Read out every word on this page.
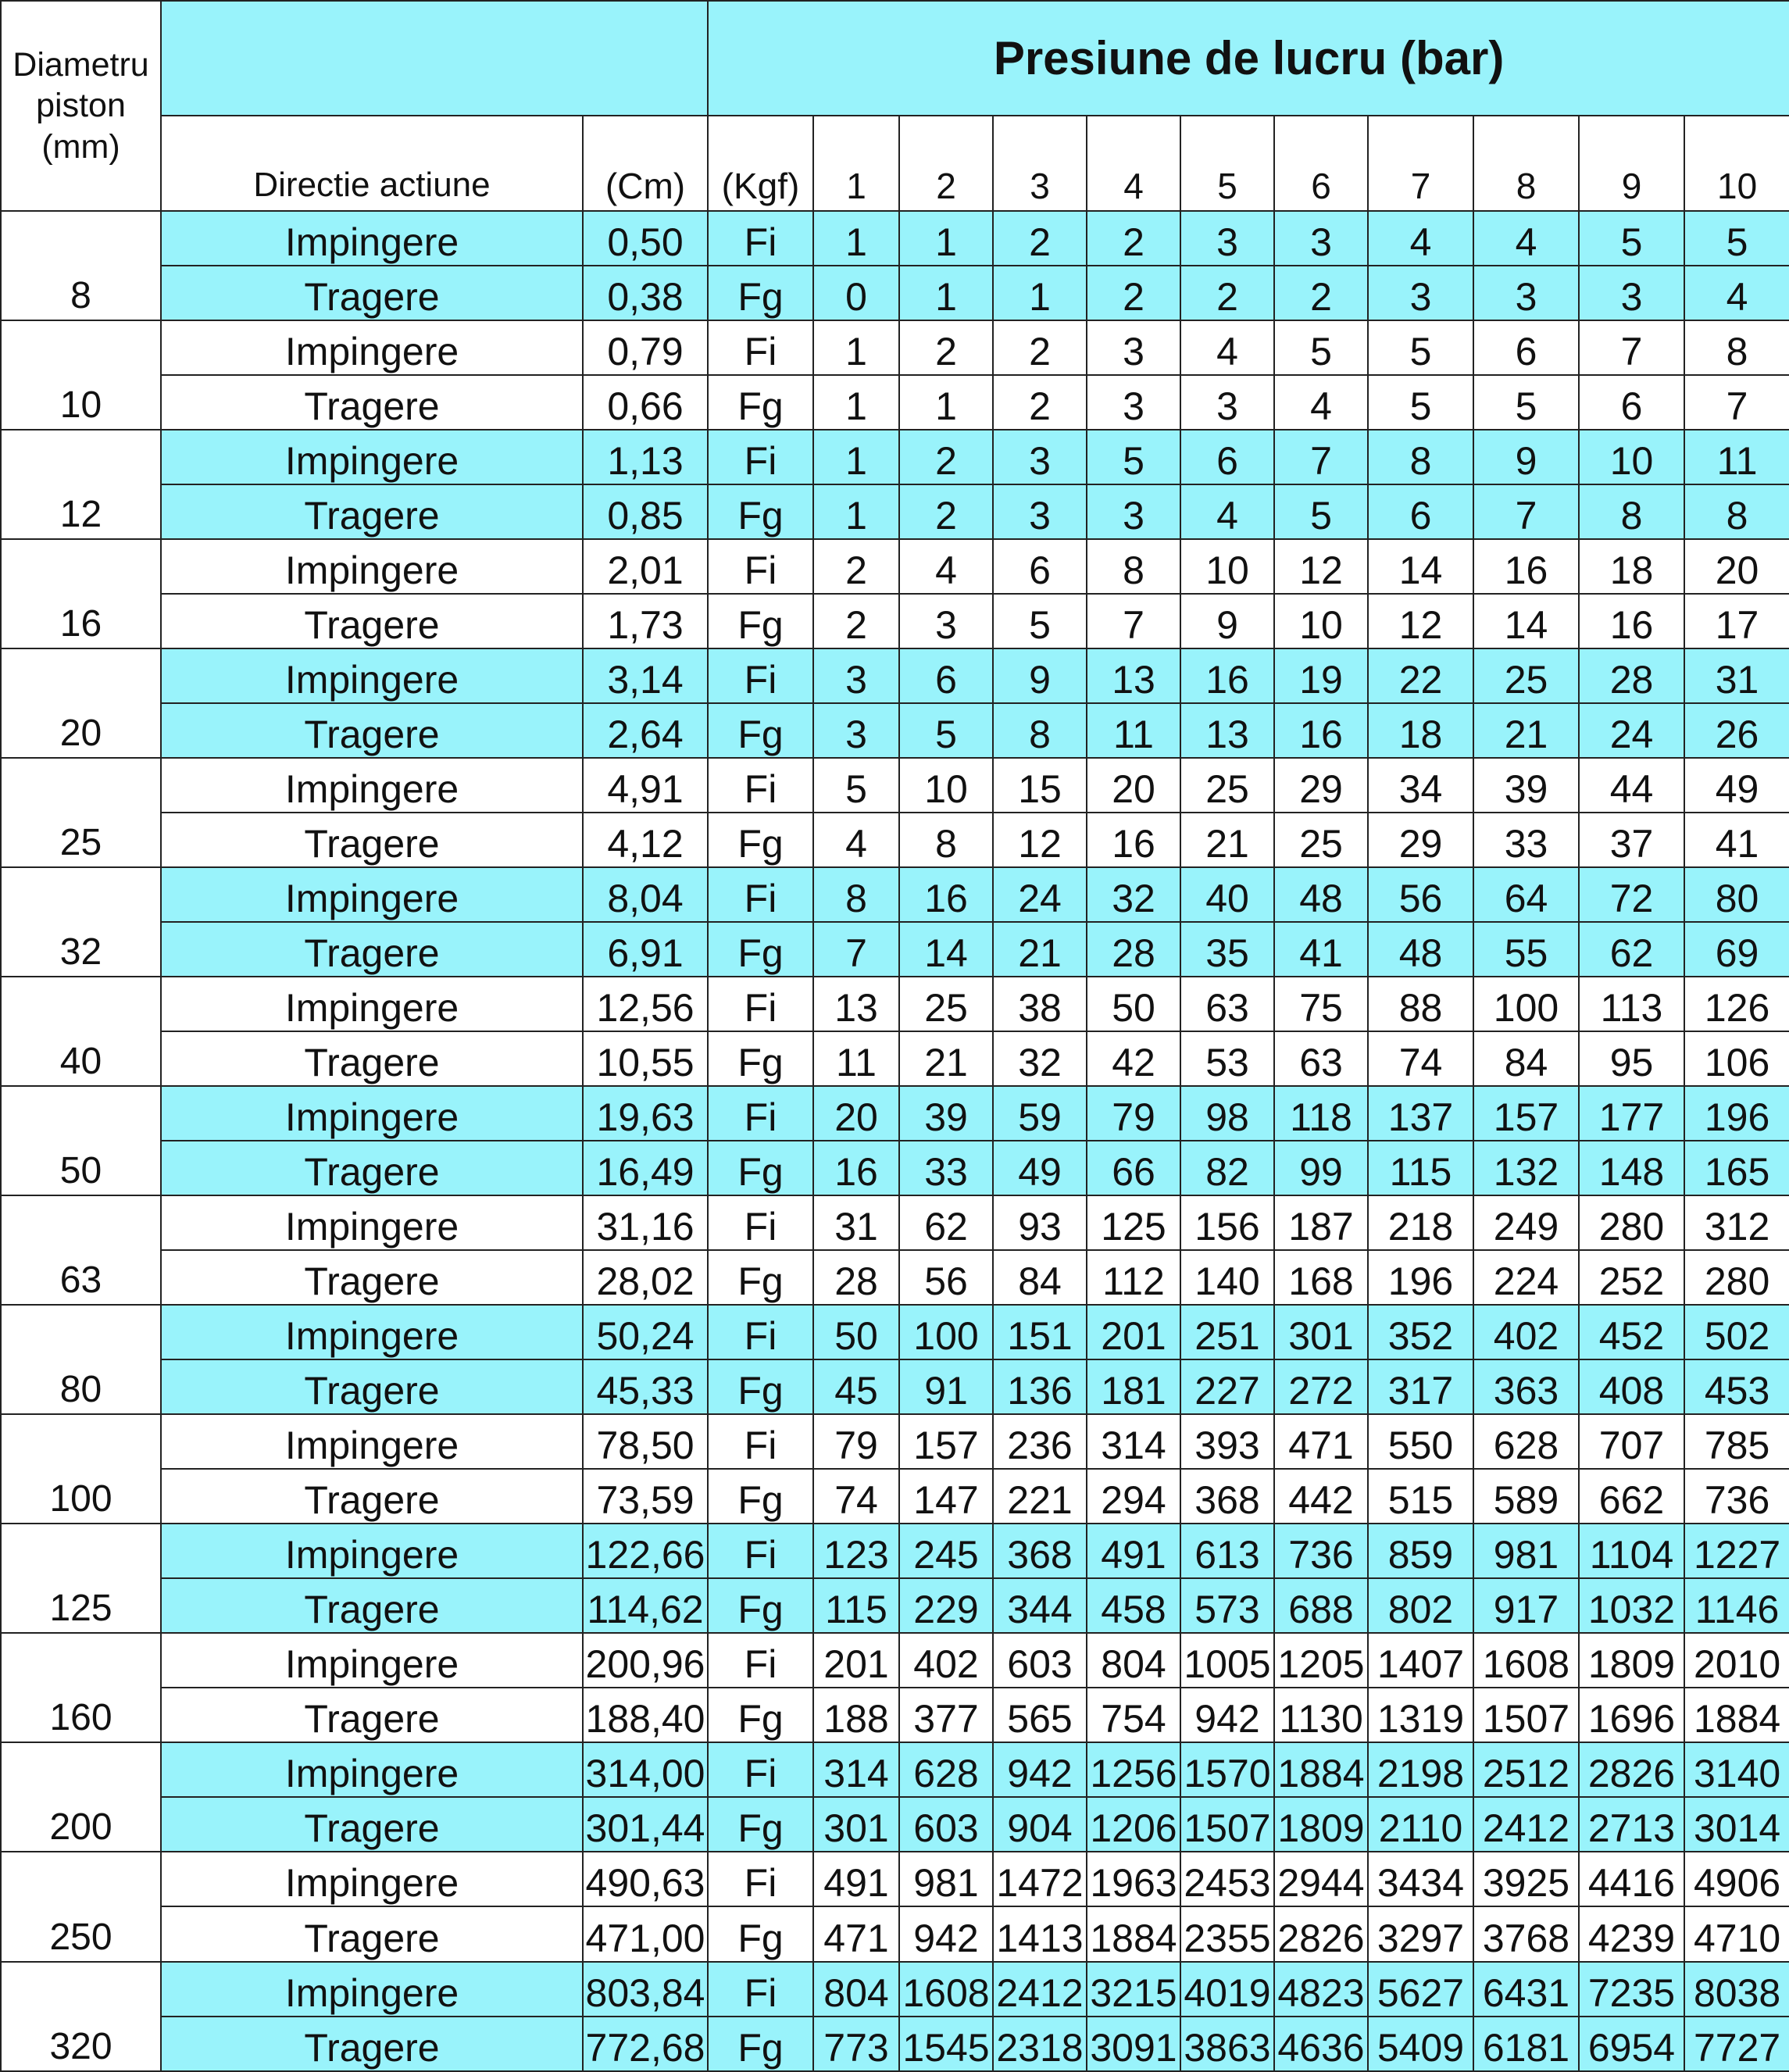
Diametru piston (mm)			Presiune de lucru (bar)										
	Directie actiune	(Cm)	(Kgf)	1	2	3	4	5	6	7	8	9	10
8	Impingere	0,50	Fi	1	1	2	2	3	3	4	4	5	5
	Tragere	0,38	Fg	0	1	1	2	2	2	3	3	3	4
10	Impingere	0,79	Fi	1	2	2	3	4	5	5	6	7	8
	Tragere	0,66	Fg	1	1	2	3	3	4	5	5	6	7
12	Impingere	1,13	Fi	1	2	3	5	6	7	8	9	10	11
	Tragere	0,85	Fg	1	2	3	3	4	5	6	7	8	8
16	Impingere	2,01	Fi	2	4	6	8	10	12	14	16	18	20
	Tragere	1,73	Fg	2	3	5	7	9	10	12	14	16	17
20	Impingere	3,14	Fi	3	6	9	13	16	19	22	25	28	31
	Tragere	2,64	Fg	3	5	8	11	13	16	18	21	24	26
25	Impingere	4,91	Fi	5	10	15	20	25	29	34	39	44	49
	Tragere	4,12	Fg	4	8	12	16	21	25	29	33	37	41
32	Impingere	8,04	Fi	8	16	24	32	40	48	56	64	72	80
	Tragere	6,91	Fg	7	14	21	28	35	41	48	55	62	69
40	Impingere	12,56	Fi	13	25	38	50	63	75	88	100	113	126
	Tragere	10,55	Fg	11	21	32	42	53	63	74	84	95	106
50	Impingere	19,63	Fi	20	39	59	79	98	118	137	157	177	196
	Tragere	16,49	Fg	16	33	49	66	82	99	115	132	148	165
63	Impingere	31,16	Fi	31	62	93	125	156	187	218	249	280	312
	Tragere	28,02	Fg	28	56	84	112	140	168	196	224	252	280
80	Impingere	50,24	Fi	50	100	151	201	251	301	352	402	452	502
	Tragere	45,33	Fg	45	91	136	181	227	272	317	363	408	453
100	Impingere	78,50	Fi	79	157	236	314	393	471	550	628	707	785
	Tragere	73,59	Fg	74	147	221	294	368	442	515	589	662	736
125	Impingere	122,66	Fi	123	245	368	491	613	736	859	981	1104	1227
	Tragere	114,62	Fg	115	229	344	458	573	688	802	917	1032	1146
160	Impingere	200,96	Fi	201	402	603	804	1005	1205	1407	1608	1809	2010
	Tragere	188,40	Fg	188	377	565	754	942	1130	1319	1507	1696	1884
200	Impingere	314,00	Fi	314	628	942	1256	1570	1884	2198	2512	2826	3140
	Tragere	301,44	Fg	301	603	904	1206	1507	1809	2110	2412	2713	3014
250	Impingere	490,63	Fi	491	981	1472	1963	2453	2944	3434	3925	4416	4906
	Tragere	471,00	Fg	471	942	1413	1884	2355	2826	3297	3768	4239	4710
320	Impingere	803,84	Fi	804	1608	2412	3215	4019	4823	5627	6431	7235	8038
	Tragere	772,68	Fg	773	1545	2318	3091	3863	4636	5409	6181	6954	7727
